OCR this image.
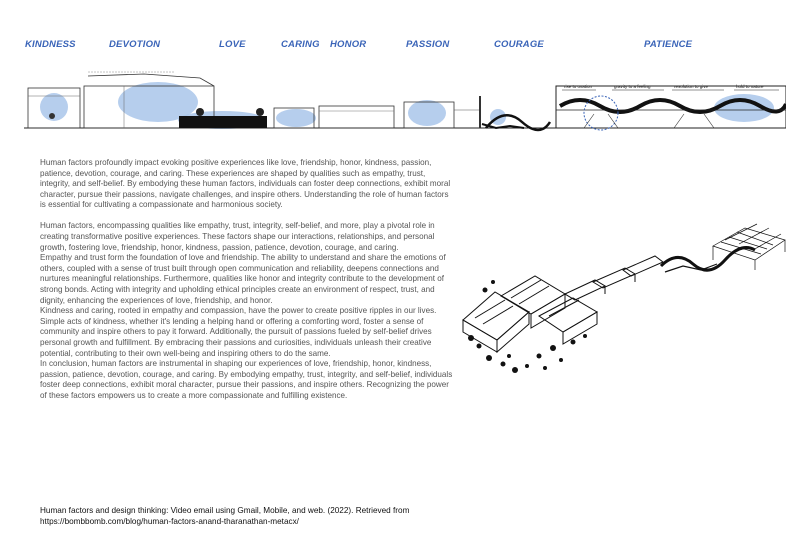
KINDNESS	DEVOTION	LOVE	CARING HONOR	PASSION	COURAGE	PATIENCE
rise to ovation	gravity to a feeling	resolution to give	hold to nature

Human factors profoundly impact evoking positive experiences like love, friendship, honor, kindness, passion, patience, devotion, courage, and caring. These experiences are shaped by qualities such as empathy, trust, integrity, and self-belief. By embodying these human factors, individuals can foster deep connections, exhibit moral character, pursue their passions, navigate challenges, and inspire others. Understanding the role of human factors is essential for cultivating a compassionate and harmonious society.

Human factors, encompassing qualities like empathy, trust, integrity, self-belief, and more, play a pivotal role in creating transformative positive experiences. These factors shape our interactions, relationships, and personal growth, fostering love, friendship, honor, kindness, passion, patience, devotion, courage, and caring.

Empathy and trust form the foundation of love and friendship. The ability to understand and share the emotions of others, coupled with a sense of trust built through open communication and reliability, deepens connections and nurtures meaningful relationships. Furthermore, qualities like honor and integrity contribute to the development of strong bonds. Acting with integrity and upholding ethical principles create an environment of respect, trust, and dignity, enhancing the experiences of love, friendship, and honor.

Kindness and caring, rooted in empathy and compassion, have the power to create positive ripples in our lives. Simple acts of kindness, whether it's lending a helping hand or offering a comforting word, foster a sense of community and inspire others to pay it forward. Additionally, the pursuit of passions fueled by self-belief drives personal growth and fulfillment. By embracing their passions and curiosities, individuals unleash their creative potential, contributing to their own well-being and inspiring others to do the same.

In conclusion, human factors are instrumental in shaping our experiences of love, friendship, honor, kindness, passion, patience, devotion, courage, and caring. By embodying empathy, trust, integrity, and self-belief, individuals foster deep connections, exhibit moral character, pursue their passions, and inspire others. Recognizing the power of these factors empowers us to create a more compassionate and fulfilling existence.

Human factors and design thinking: Video email using Gmail, Mobile, and web. (2022). Retrieved from
https://bombbomb.com/blog/human-factors-anand-tharanathan-metacx/
